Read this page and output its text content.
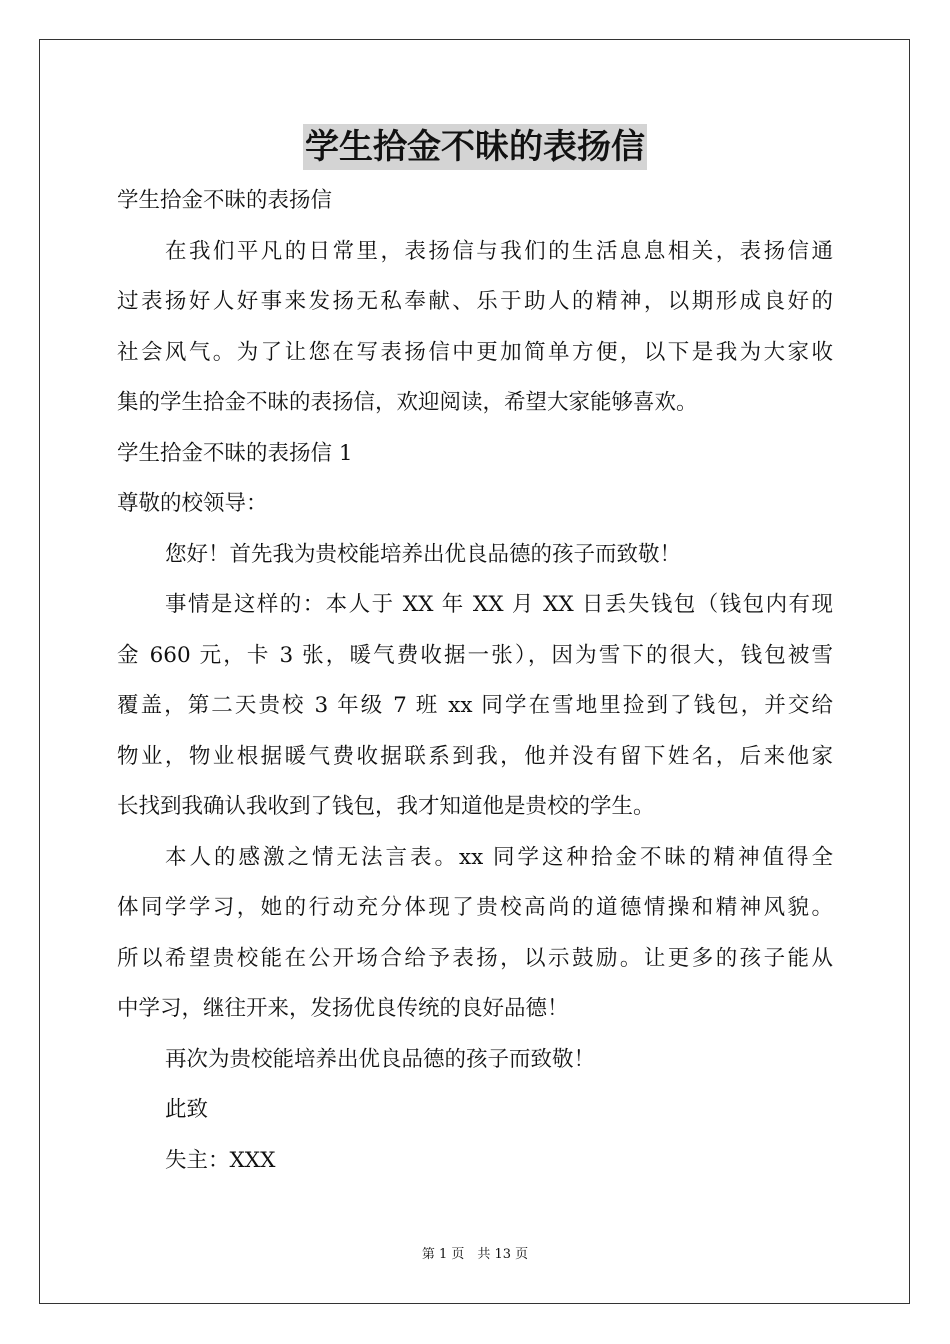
学生拾金不昧的表扬信
学生拾金不昧的表扬信
在我们平凡的日常里，表扬信与我们的生活息息相关，表扬信通
过表扬好人好事来发扬无私奉献、乐于助人的精神，以期形成良好的
社会风气。为了让您在写表扬信中更加简单方便，以下是我为大家收
集的学生拾金不昧的表扬信，欢迎阅读，希望大家能够喜欢。
学生拾金不昧的表扬信 1
尊敬的校领导：
您好！首先我为贵校能培养出优良品德的孩子而致敬！
事情是这样的：本人于 XX 年 XX 月 XX 日丢失钱包（钱包内有现
金 660 元，卡 3 张，暖气费收据一张），因为雪下的很大，钱包被雪
覆盖，第二天贵校 3 年级 7 班 xx 同学在雪地里捡到了钱包，并交给
物业，物业根据暖气费收据联系到我，他并没有留下姓名，后来他家
长找到我确认我收到了钱包，我才知道他是贵校的学生。
本人的感激之情无法言表。xx 同学这种拾金不昧的精神值得全
体同学学习，她的行动充分体现了贵校高尚的道德情操和精神风貌。
所以希望贵校能在公开场合给予表扬，以示鼓励。让更多的孩子能从
中学习，继往开来，发扬优良传统的良好品德！
再次为贵校能培养出优良品德的孩子而致敬！
此致
失主：XXX
第 1 页　共 13 页
